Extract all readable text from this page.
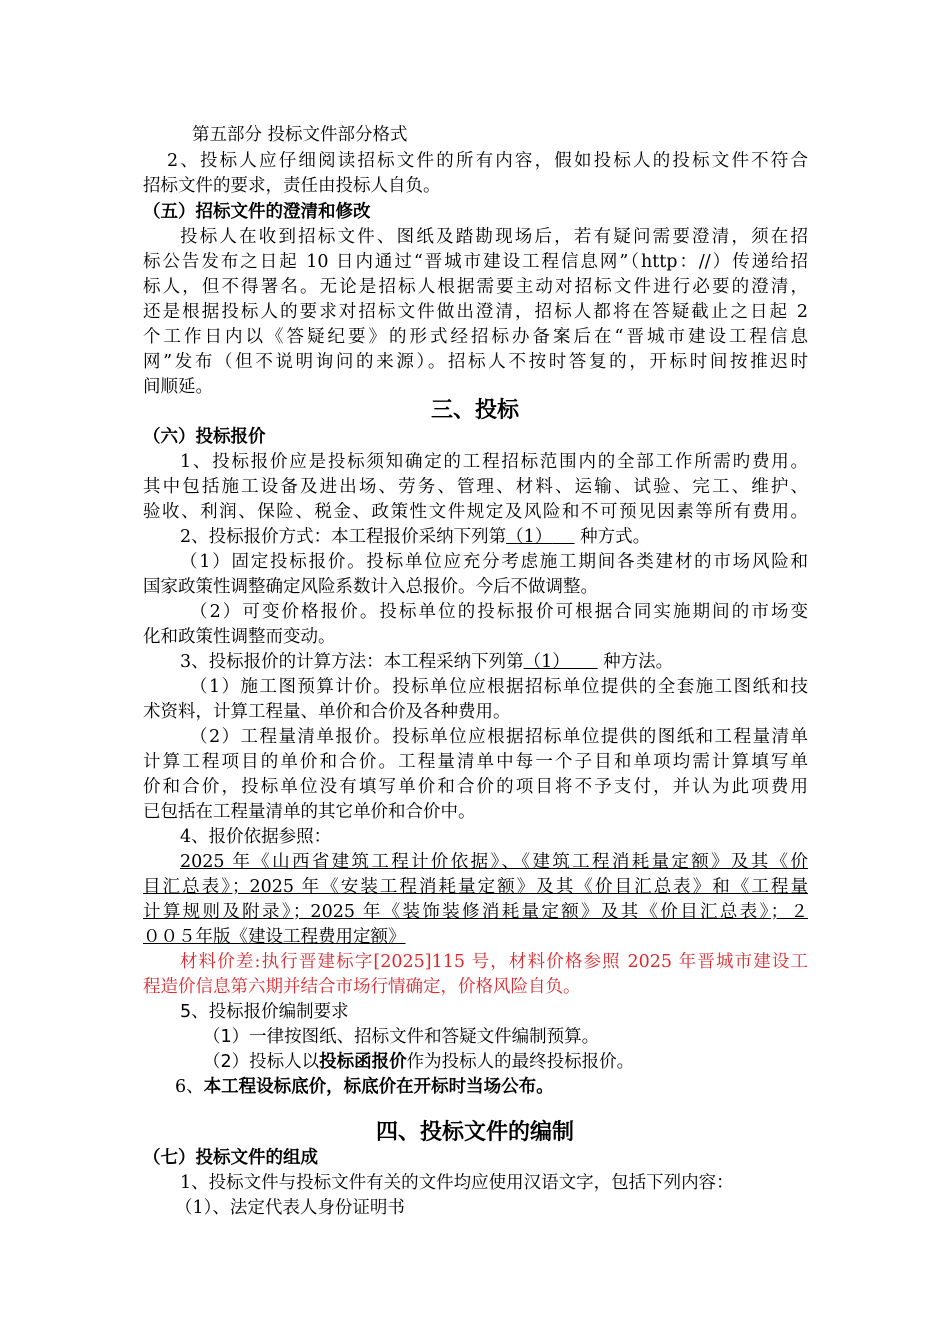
第五部分 投标文件部分格式
2、投标人应仔细阅读招标文件的所有内容，假如投标人的投标文件不符合
招标文件的要求，责任由投标人自负。
（五）招标文件的澄清和修改
投标人在收到招标文件、图纸及踏勘现场后，若有疑问需要澄清，须在招
标公告发布之日起 10 日内通过“晋城市建设工程信息网”（http：//）传递给招
标人，但不得署名。无论是招标人根据需要主动对招标文件进行必要的澄清，
还是根据投标人的要求对招标文件做出澄清，招标人都将在答疑截止之日起 2
个工作日内以《答疑纪要》的形式经招标办备案后在“晋城市建设工程信息
网”发布（但不说明询问的来源）。招标人不按时答复的，开标时间按推迟时
间顺延。
三、投标
（六）投标报价
1、投标报价应是投标须知确定的工程招标范围内的全部工作所需旳费用。
其中包括施工设备及进出场、劳务、管理、材料、运输、试验、完工、维护、
验收、利润、保险、税金、政策性文件规定及风险和不可预见因素等所有费用。
2、投标报价方式：本工程报价采纳下列第（1）     种方式。
（1）固定投标报价。投标单位应充分考虑施工期间各类建材的市场风险和
国家政策性调整确定风险系数计入总报价。今后不做调整。
（2）可变价格报价。投标单位的投标报价可根据合同实施期间的市场变
化和政策性调整而变动。
3、投标报价的计算方法：本工程采纳下列第（1）      种方法。
（1）施工图预算计价。投标单位应根据招标单位提供的全套施工图纸和技
术资料，计算工程量、单价和合价及各种费用。
（2）工程量清单报价。投标单位应根据招标单位提供的图纸和工程量清单
计算工程项目的单价和合价。工程量清单中每一个子目和单项均需计算填写单
价和合价，投标单位没有填写单价和合价的项目将不予支付，并认为此项费用
已包括在工程量清单的其它单价和合价中。
4、报价依据参照：
2025 年《山西省建筑工程计价依据》、《建筑工程消耗量定额》及其《价
目汇总表》；2025 年《安装工程消耗量定额》及其《价目汇总表》和《工程量
计算规则及附录》；2025 年《装饰装修消耗量定额》及其《价目汇总表》；２
００５年版《建设工程费用定额》
材料价差:执行晋建标字[2025]115 号，材料价格参照 2025 年晋城市建设工
程造价信息第六期并结合市场行情确定，价格风险自负。
5、投标报价编制要求
（1）一律按图纸、招标文件和答疑文件编制预算。
（2）投标人以投标函报价作为投标人的最终投标报价。
6、本工程设标底价，标底价在开标时当场公布。
四、投标文件的编制
（七）投标文件的组成
1、投标文件与投标文件有关的文件均应使用汉语文字，包括下列内容：
（1）、法定代表人身份证明书
